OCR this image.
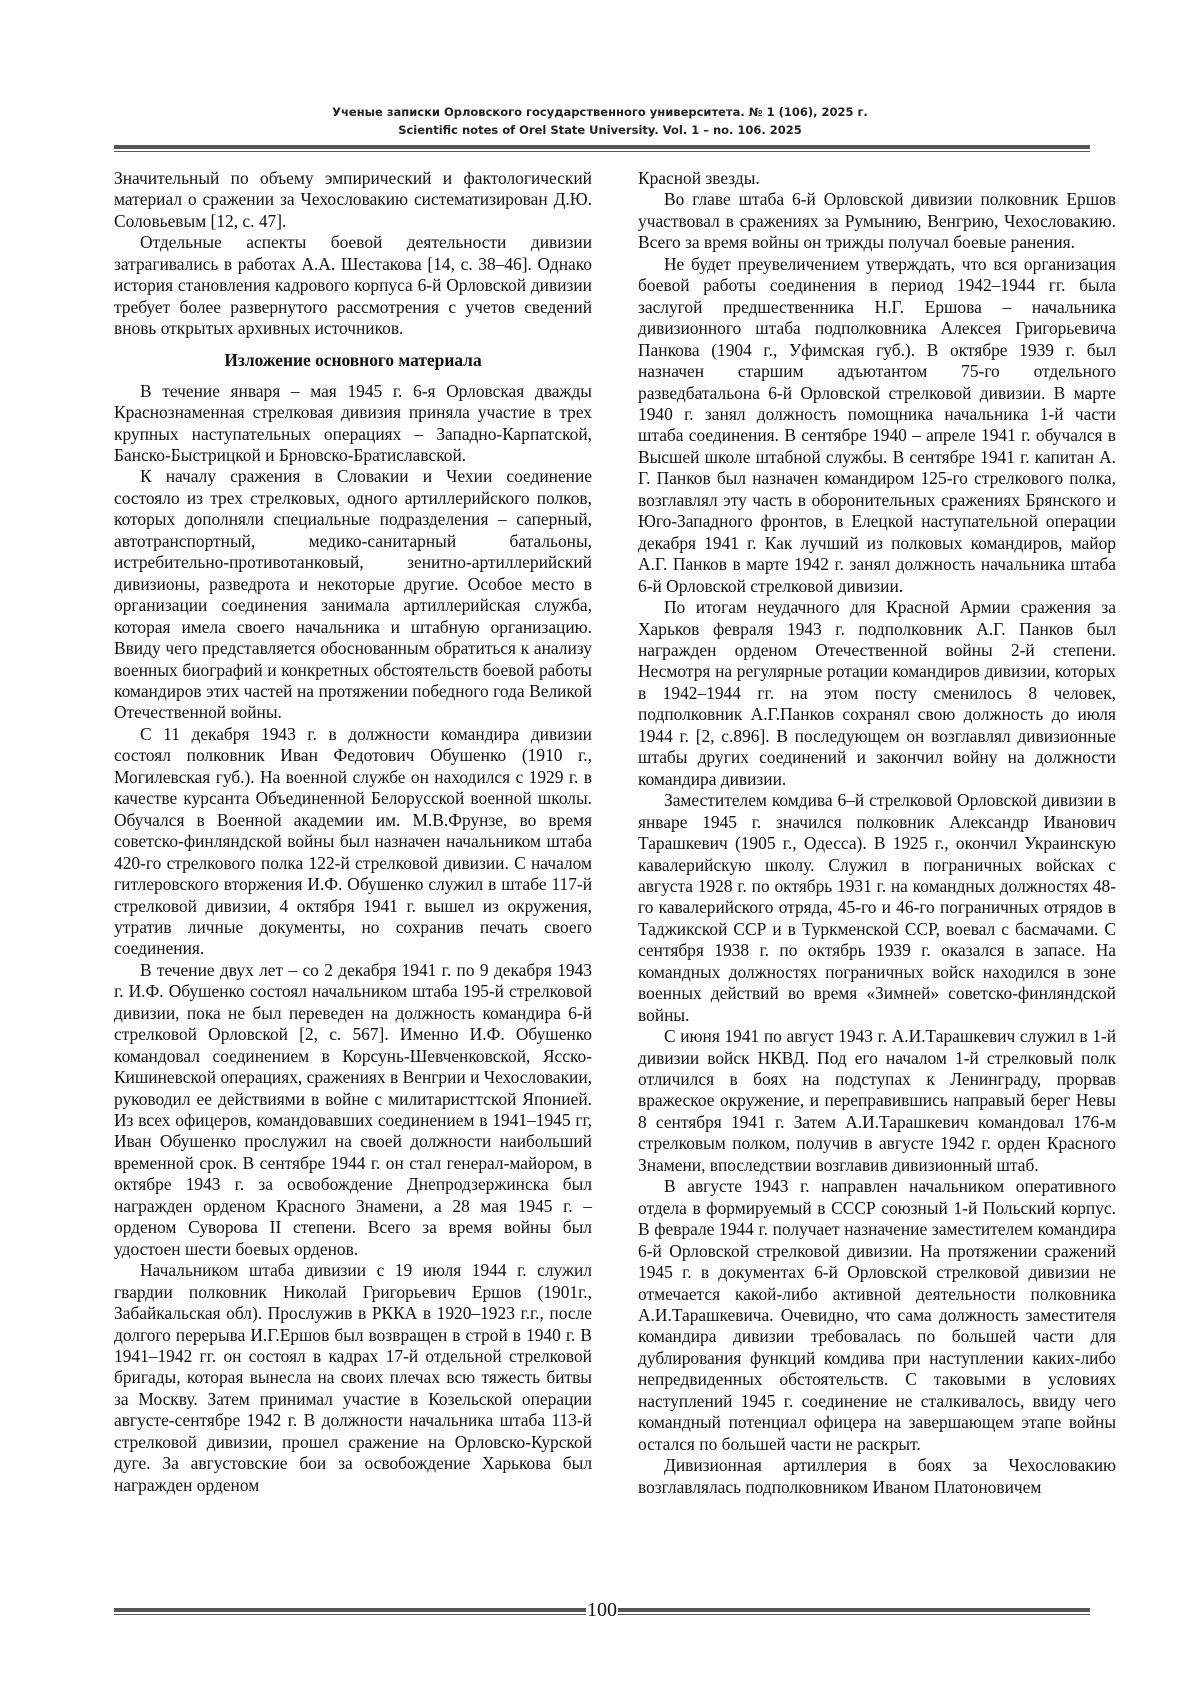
Ученые записки Орловского государственного университета. № 1 (106), 2025 г.
Scientific notes of Orel State University. Vol. 1 – no. 106. 2025

Значительный по объему эмпирический и фактологический материал о сражении за Чехословакию систематизирован Д.Ю. Соловьевым [12, с. 47].

Отдельные аспекты боевой деятельности дивизии затрагивались в работах А.А. Шестакова [14, с. 38–46]. Однако история становления кадрового корпуса 6-й Орловской дивизии требует более развернутого рассмотрения с учетов сведений вновь открытых архивных источников.

Изложение основного материала

В течение января – мая 1945 г. 6-я Орловская дважды Краснознаменная стрелковая дивизия приняла участие в трех крупных наступательных операциях – Западно-Карпатской, Банско-Быстрицкой и Брновско-Братиславской.

К началу сражения в Словакии и Чехии соединение состояло из трех стрелковых, одного артиллерийского полков, которых дополняли специальные подразделения – саперный, автотранспортный, медико-санитарный батальоны, истребительно-противотанковый, зенитно-артиллерийский дивизионы, разведрота и некоторые другие. Особое место в организации соединения занимала артиллерийская служба, которая имела своего начальника и штабную организацию. Ввиду чего представляется обоснованным обратиться к анализу военных биографий и конкретных обстоятельств боевой работы командиров этих частей на протяжении победного года Великой Отечественной войны.

С 11 декабря 1943 г. в должности командира дивизии состоял полковник Иван Федотович Обушенко (1910 г., Могилевская губ.). На военной службе он находился с 1929 г. в качестве курсанта Объединенной Белорусской военной школы. Обучался в Военной академии им. М.В.Фрунзе, во время советско-финляндской войны был назначен начальником штаба 420-го стрелкового полка 122-й стрелковой дивизии. С началом гитлеровского вторжения И.Ф. Обушенко служил в штабе 117-й стрелковой дивизии, 4 октября 1941 г. вышел из окружения, утратив личные документы, но сохранив печать своего соединения.

В течение двух лет – со 2 декабря 1941 г. по 9 декабря 1943 г. И.Ф. Обушенко состоял начальником штаба 195-й стрелковой дивизии, пока не был переведен на должность командира 6-й стрелковой Орловской [2, с. 567]. Именно И.Ф. Обушенко командовал соединением в Корсунь-Шевченковской, Ясско-Кишиневской операциях, сражениях в Венгрии и Чехословакии, руководил ее действиями в войне с милитаристтской Японией. Из всех офицеров, командовавших соединением в 1941–1945 гг, Иван Обушенко прослужил на своей должности наибольший временной срок. В сентябре 1944 г. он стал генерал-майором, в октябре 1943 г. за освобождение Днепродзержинска был награжден орденом Красного Знамени, а 28 мая 1945 г. – орденом Суворова II степени. Всего за время войны был удостоен шести боевых орденов.

Начальником штаба дивизии с 19 июля 1944 г. служил гвардии полковник Николай Григорьевич Ершов (1901г., Забайкальская обл). Прослужив в РККА в 1920–1923 г.г., после долгого перерыва И.Г.Ершов был возвращен в строй в 1940 г. В 1941–1942 гг. он состоял в кадрах 17-й отдельной стрелковой бригады, которая вынесла на своих плечах всю тяжесть битвы за Москву. Затем принимал участие в Козельской операции августе-сентябре 1942 г. В должности начальника штаба 113-й стрелковой дивизии, прошел сражение на Орловско-Курской дуге. За августовские бои за освобождение Харькова был награжден орденом

Красной звезды.

Во главе штаба 6-й Орловской дивизии полковник Ершов участвовал в сражениях за Румынию, Венгрию, Чехословакию. Всего за время войны он трижды получал боевые ранения.

Не будет преувеличением утверждать, что вся организация боевой работы соединения в период 1942–1944 гг. была заслугой предшественника Н.Г. Ершова – начальника дивизионного штаба подполковника Алексея Григорьевича Панкова (1904 г., Уфимская губ.). В октябре 1939 г. был назначен старшим адъютантом 75-го отдельного разведбатальона 6-й Орловской стрелковой дивизии. В марте 1940 г. занял должность помощника начальника 1-й части штаба соединения. В сентябре 1940 – апреле 1941 г. обучался в Высшей школе штабной службы. В сентябре 1941 г. капитан А. Г. Панков был назначен командиром 125-го стрелкового полка, возглавлял эту часть в оборонительных сражениях Брянского и Юго-Западного фронтов, в Елецкой наступательной операции декабря 1941 г. Как лучший из полковых командиров, майор А.Г. Панков в марте 1942 г. занял должность начальника штаба 6-й Орловской стрелковой дивизии.

По итогам неудачного для Красной Армии сражения за Харьков февраля 1943 г. подполковник А.Г. Панков был награжден орденом Отечественной войны 2-й степени. Несмотря на регулярные ротации командиров дивизии, которых в 1942–1944 гг. на этом посту сменилось 8 человек, подполковник А.Г.Панков сохранял свою должность до июля 1944 г. [2, с.896]. В последующем он возглавлял дивизионные штабы других соединений и закончил войну на должности командира дивизии.

Заместителем комдива 6–й стрелковой Орловской дивизии в январе 1945 г. значился полковник Александр Иванович Тарашкевич (1905 г., Одесса). В 1925 г., окончил Украинскую кавалерийскую школу. Служил в пограничных войсках с августа 1928 г. по октябрь 1931 г. на командных должностях 48-го кавалерийского отряда, 45-го и 46-го пограничных отрядов в Таджикской ССР и в Туркменской ССР, воевал с басмачами. С сентября 1938 г. по октябрь 1939 г. оказался в запасе. На командных должностях пограничных войск находился в зоне военных действий во время «Зимней» советско-финляндской войны.

С июня 1941 по август 1943 г. А.И.Тарашкевич служил в 1-й дивизии войск НКВД. Под его началом 1-й стрелковый полк отличился в боях на подступах к Ленинграду, прорвав вражеское окружение, и переправившись направый берег Невы 8 сентября 1941 г. Затем А.И.Тарашкевич командовал 176-м стрелковым полком, получив в августе 1942 г. орден Красного Знамени, впоследствии возглавив дивизионный штаб.

В августе 1943 г. направлен начальником оперативного отдела в формируемый в СССР союзный 1-й Польский корпус. В феврале 1944 г. получает назначение заместителем командира 6-й Орловской стрелковой дивизии. На протяжении сражений 1945 г. в документах 6-й Орловской стрелковой дивизии не отмечается какой-либо активной деятельности полковника А.И.Тарашкевича. Очевидно, что сама должность заместителя командира дивизии требовалась по большей части для дублирования функций комдива при наступлении каких-либо непредвиденных обстоятельств. С таковыми в условиях наступлений 1945 г. соединение не сталкивалось, ввиду чего командный потенциал офицера на завершающем этапе войны остался по большей части не раскрыт.

Дивизионная артиллерия в боях за Чехословакию возглавлялась подполковником Иваном Платоновичем

100
